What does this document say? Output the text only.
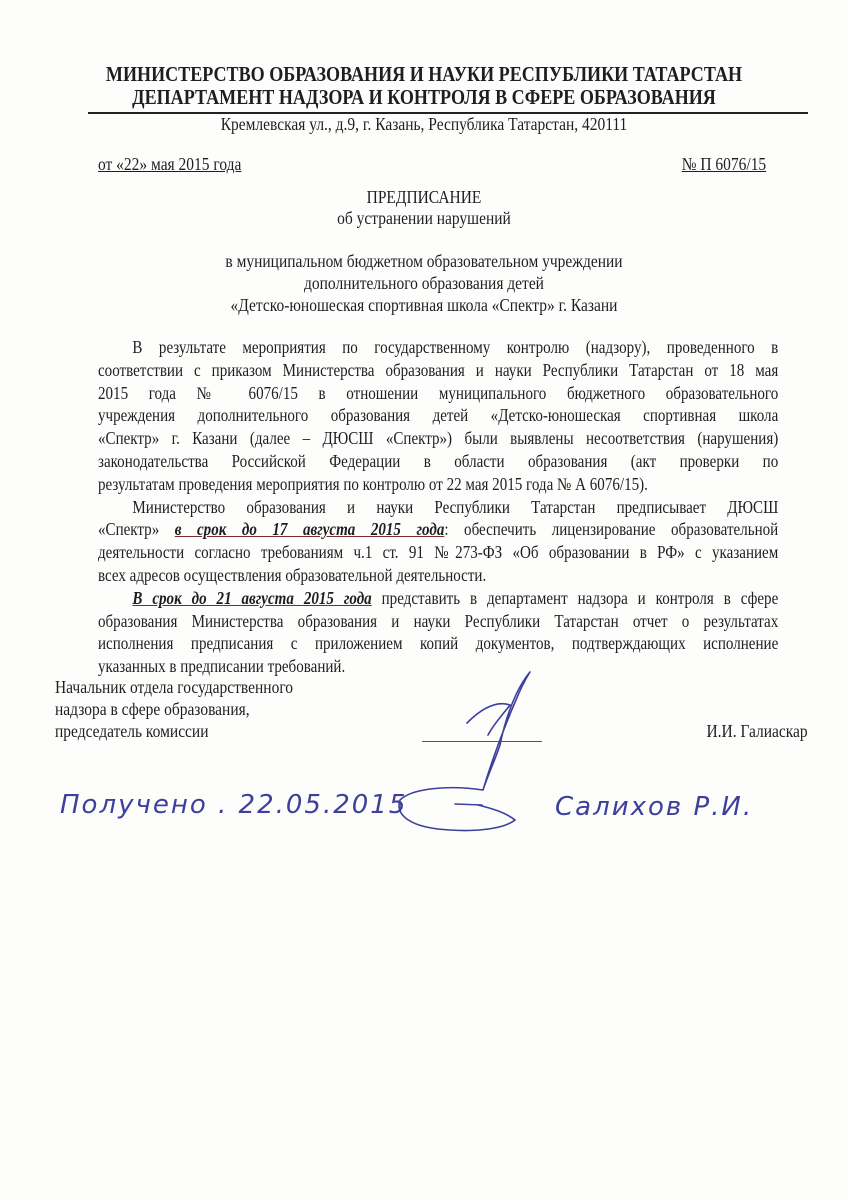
МИНИСТЕРСТВО ОБРАЗОВАНИЯ И НАУКИ РЕСПУБЛИКИ ТАТАРСТАН
ДЕПАРТАМЕНТ НАДЗОРА И КОНТРОЛЯ В СФЕРЕ ОБРАЗОВАНИЯ
Кремлевская ул., д.9, г. Казань, Республика Татарстан, 420111
от «22» мая 2015 года	№ П 6076/15
ПРЕДПИСАНИЕ
об устранении нарушений
в муниципальном бюджетном образовательном учреждении
дополнительного образования детей
«Детско-юношеская спортивная школа «Спектр» г. Казани
В результате мероприятия по государственному контролю (надзору), проведенного в
соответствии с приказом Министерства образования и науки Республики Татарстан от 18 мая
2015 года № 6076/15 в отношении муниципального бюджетного образовательного
учреждения дополнительного образования детей «Детско-юношеская спортивная школа
«Спектр» г. Казани (далее – ДЮСШ «Спектр») были выявлены несоответствия (нарушения)
законодательства Российской Федерации в области образования (акт проверки по
результатам проведения мероприятия по контролю от 22 мая 2015 года № А 6076/15).
Министерство образования и науки Республики Татарстан предписывает ДЮСШ
«Спектр» в срок до 17 августа 2015 года: обеспечить лицензирование образовательной
деятельности согласно требованиям ч.1 ст. 91 №273-ФЗ «Об образовании в РФ» с указанием
всех адресов осуществления образовательной деятельности.
В срок до 21 августа 2015 года представить в департамент надзора и контроля в сфере
образования Министерства образования и науки Республики Татарстан отчет о результатах
исполнения предписания с приложением копий документов, подтверждающих исполнение
указанных в предписании требований.
Начальник отдела государственного
надзора в сфере образования,
председатель комиссии	И.И. Галиаскар
Получено . 22.05.2015	Салихов Р.И.
